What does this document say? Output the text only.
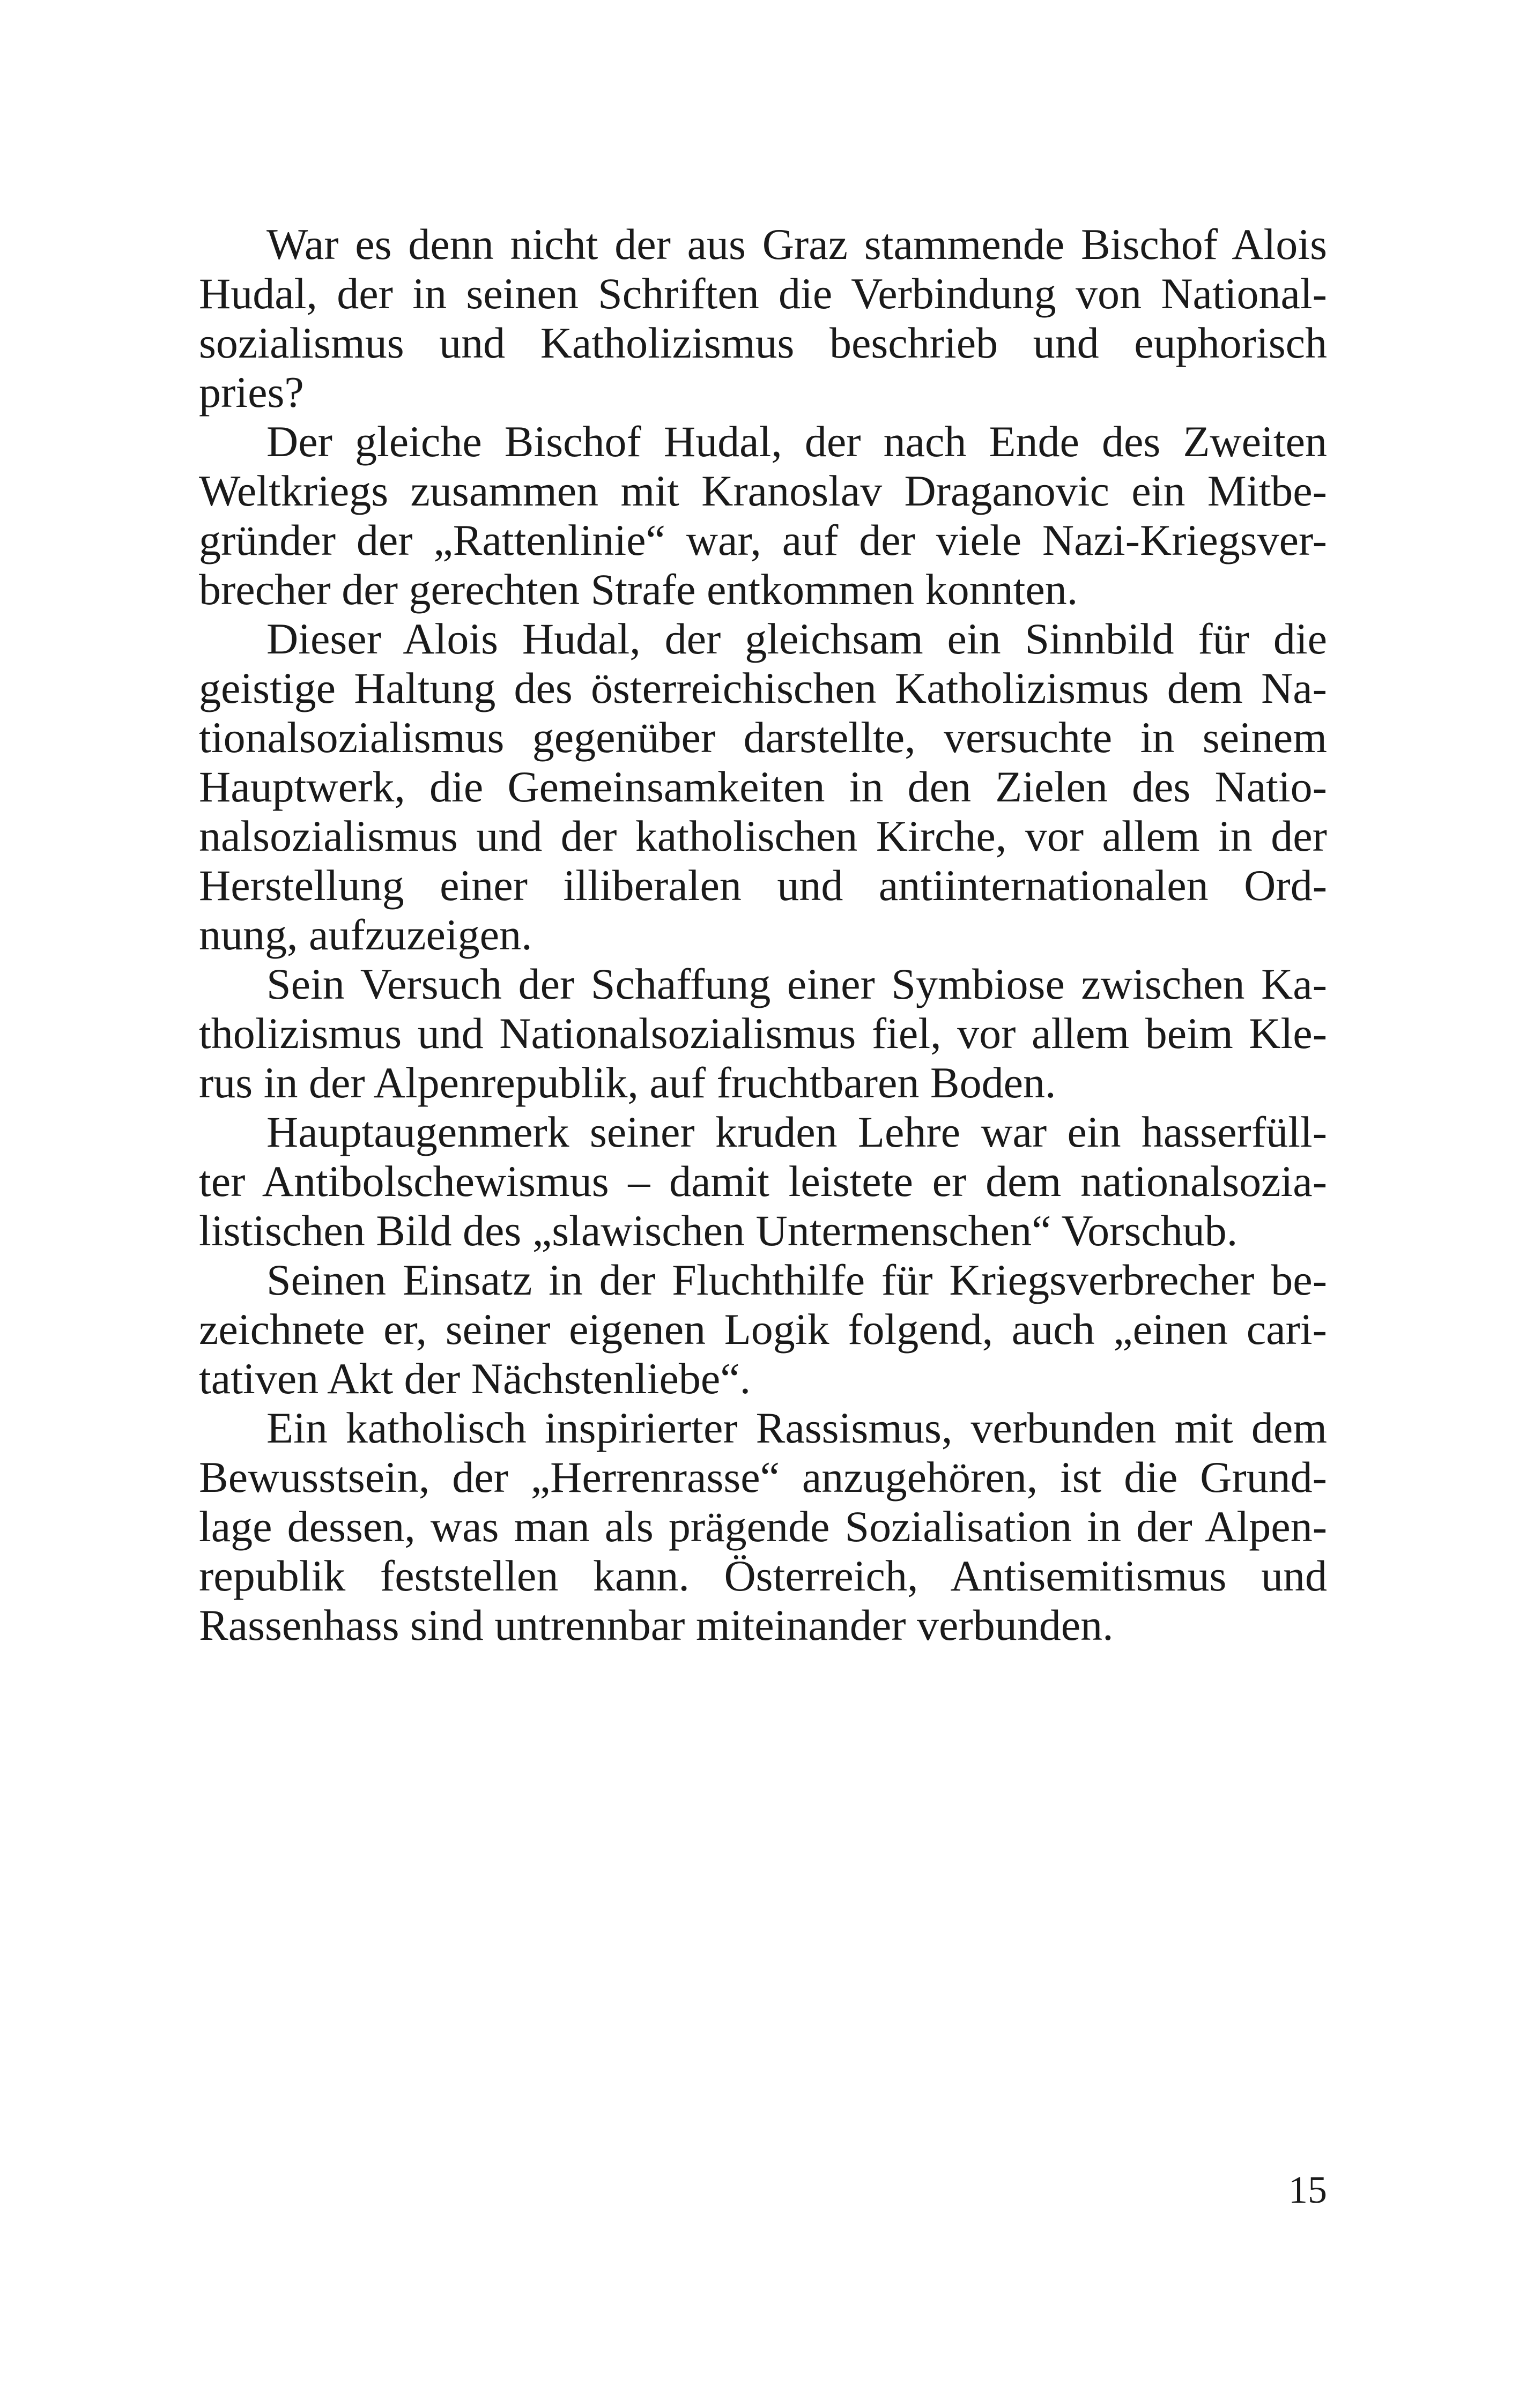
War es denn nicht der aus Graz stammende Bischof Alois
Hudal, der in seinen Schriften die Verbindung von National-
sozialismus und Katholizismus beschrieb und euphorisch
pries?
Der gleiche Bischof Hudal, der nach Ende des Zweiten
Weltkriegs zusammen mit Kranoslav Draganovic ein Mitbe-
gründer der „Rattenlinie“ war, auf der viele Nazi-Kriegsver-
brecher der gerechten Strafe entkommen konnten.
Dieser Alois Hudal, der gleichsam ein Sinnbild für die
geistige Haltung des österreichischen Katholizismus dem Na-
tionalsozialismus gegenüber darstellte, versuchte in seinem
Hauptwerk, die Gemeinsamkeiten in den Zielen des Natio-
nalsozialismus und der katholischen Kirche, vor allem in der
Herstellung einer illiberalen und antiinternationalen Ord-
nung, aufzuzeigen.
Sein Versuch der Schaffung einer Symbiose zwischen Ka-
tholizismus und Nationalsozialismus fiel, vor allem beim Kle-
rus in der Alpenrepublik, auf fruchtbaren Boden.
Hauptaugenmerk seiner kruden Lehre war ein hasserfüll-
ter Antibolschewismus – damit leistete er dem nationalsozia-
listischen Bild des „slawischen Untermenschen“ Vorschub.
Seinen Einsatz in der Fluchthilfe für Kriegsverbrecher be-
zeichnete er, seiner eigenen Logik folgend, auch „einen cari-
tativen Akt der Nächstenliebe“.
Ein katholisch inspirierter Rassismus, verbunden mit dem
Bewusstsein, der „Herrenrasse“ anzugehören, ist die Grund-
lage dessen, was man als prägende Sozialisation in der Alpen-
republik feststellen kann. Österreich, Antisemitismus und
Rassenhass sind untrennbar miteinander verbunden.
15
